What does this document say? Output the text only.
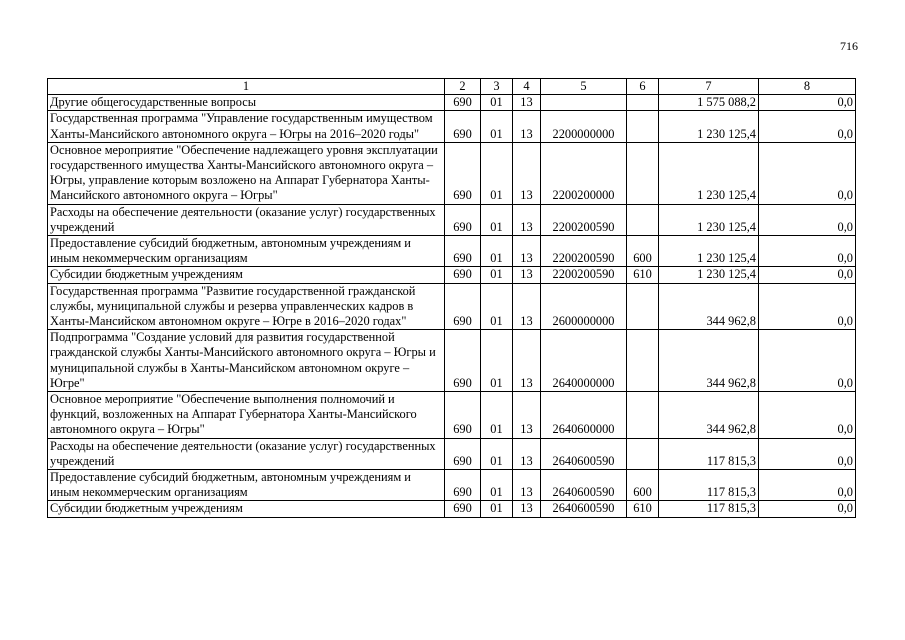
716
1	2	3	4	5	6	7	8
Другие общегосударственные вопросы	690	01	13			1 575 088,2	0,0
Государственная программа "Управление государственным имуществом Ханты-Мансийского автономного округа – Югры на 2016–2020 годы"	690	01	13	2200000000		1 230 125,4	0,0
Основное мероприятие "Обеспечение надлежащего уровня эксплуатации государственного имущества Ханты-Мансийского автономного округа – Югры, управление которым возложено на Аппарат Губернатора Ханты-Мансийского автономного округа – Югры"	690	01	13	2200200000		1 230 125,4	0,0
Расходы на обеспечение деятельности (оказание услуг) государственных учреждений	690	01	13	2200200590		1 230 125,4	0,0
Предоставление субсидий бюджетным, автономным учреждениям и иным некоммерческим организациям	690	01	13	2200200590	600	1 230 125,4	0,0
Субсидии бюджетным учреждениям	690	01	13	2200200590	610	1 230 125,4	0,0
Государственная программа "Развитие государственной гражданской службы, муниципальной службы и резерва управленческих кадров в Ханты-Мансийском автономном округе – Югре в 2016–2020 годах"	690	01	13	2600000000		344 962,8	0,0
Подпрограмма "Создание условий для развития государственной гражданской службы Ханты-Мансийского автономного округа – Югры и муниципальной службы в Ханты-Мансийском автономном округе – Югре"	690	01	13	2640000000		344 962,8	0,0
Основное мероприятие "Обеспечение выполнения полномочий и функций, возложенных на Аппарат Губернатора Ханты-Мансийского автономного округа – Югры"	690	01	13	2640600000		344 962,8	0,0
Расходы на обеспечение деятельности (оказание услуг) государственных учреждений	690	01	13	2640600590		117 815,3	0,0
Предоставление субсидий бюджетным, автономным учреждениям и иным некоммерческим организациям	690	01	13	2640600590	600	117 815,3	0,0
Субсидии бюджетным учреждениям	690	01	13	2640600590	610	117 815,3	0,0
